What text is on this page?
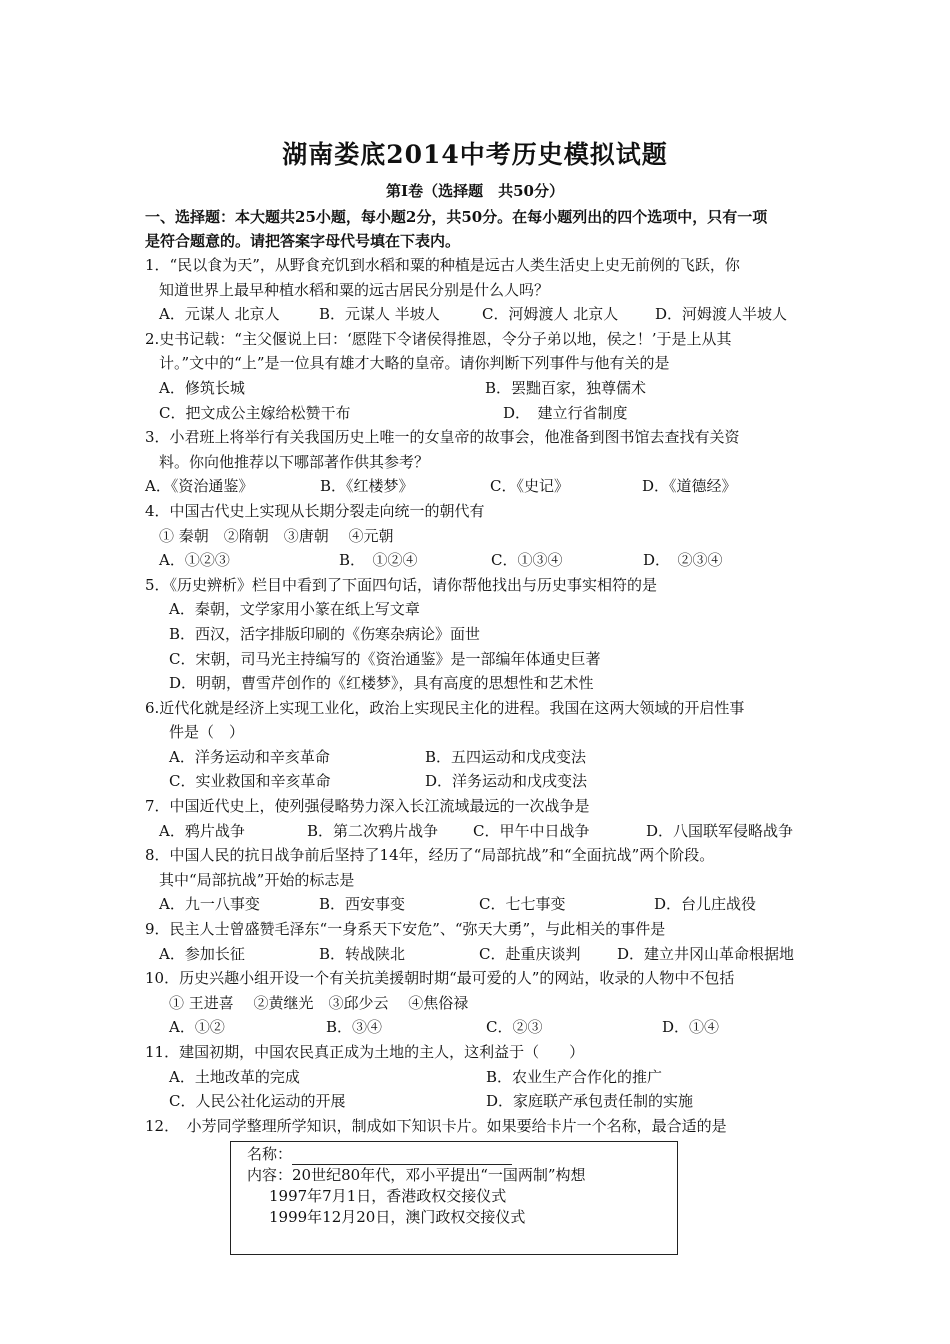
湖南娄底2014中考历史模拟试题
第Ⅰ卷（选择题　共50分）
一、选择题：本大题共25小题，每小题2分，共50分。在每小题列出的四个选项中，只有一项
是符合题意的。请把答案字母代号填在下表内。
1．“民以食为天”，从野食充饥到水稻和粟的种植是远古人类生活史上史无前例的飞跃，你
知道世界上最早种植水稻和粟的远古居民分别是什么人吗？
A．元谋人 北京人	B．元谋人 半坡人	C．河姆渡人 北京人	D．河姆渡人半坡人
2.史书记载：“主父偃说上曰：‘愿陛下令诸侯得推恩，令分子弟以地，侯之！’于是上从其
计。”文中的“上”是一位具有雄才大略的皇帝。请你判断下列事件与他有关的是
A．修筑长城	B．罢黜百家，独尊儒术
C．把文成公主嫁给松赞干布	D．　建立行省制度
3．小君班上将举行有关我国历史上唯一的女皇帝的故事会，他准备到图书馆去查找有关资
料。你向他推荐以下哪部著作供其参考？
A．《资治通鉴》	B．《红楼梦》	C．《史记》	D．《道德经》
4．中国古代史上实现从长期分裂走向统一的朝代有
① 秦朝　②隋朝　③唐朝　 ④元朝
A．①②③	B．　①②④	C．①③④	D．　②③④
5．《历史辨析》栏目中看到了下面四句话，请你帮他找出与历史事实相符的是
A．秦朝，文学家用小篆在纸上写文章
B．西汉，活字排版印刷的《伤寒杂病论》面世
C．宋朝，司马光主持编写的《资治通鉴》是一部编年体通史巨著
D．明朝，曹雪芹创作的《红楼梦》，具有高度的思想性和艺术性
6.近代化就是经济上实现工业化，政治上实现民主化的进程。我国在这两大领域的开启性事
件是（　）
A．洋务运动和辛亥革命	B．五四运动和戊戌变法
C．实业救国和辛亥革命	D．洋务运动和戊戌变法
7．中国近代史上，使列强侵略势力深入长江流域最远的一次战争是
A．鸦片战争	B．第二次鸦片战争	C．甲午中日战争	D．八国联军侵略战争
8．中国人民的抗日战争前后坚持了14年，经历了“局部抗战”和“全面抗战”两个阶段。
其中“局部抗战”开始的标志是
A．九一八事变	B．西安事变	C．七七事变	D．台儿庄战役
9．民主人士曾盛赞毛泽东“一身系天下安危”、“弥天大勇”，与此相关的事件是
A．参加长征	B．转战陕北	C．赴重庆谈判	D．建立井冈山革命根据地
10．历史兴趣小组开设一个有关抗美援朝时期“最可爱的人”的网站，收录的人物中不包括
① 王进喜　 ②黄继光　③邱少云　 ④焦俗禄
A．①②	B．③④	C．②③	D．①④
11．建国初期，中国农民真正成为土地的主人，这利益于（　　）
A．土地改革的完成	B．农业生产合作化的推广
C．人民公社化运动的开展	D．家庭联产承包责任制的实施
12．　小芳同学整理所学知识，制成如下知识卡片。如果要给卡片一个名称，最合适的是
名称：
内容：20世纪80年代，邓小平提出“一国两制”构想
1997年7月1日，香港政权交接仪式
1999年12月20日，澳门政权交接仪式
